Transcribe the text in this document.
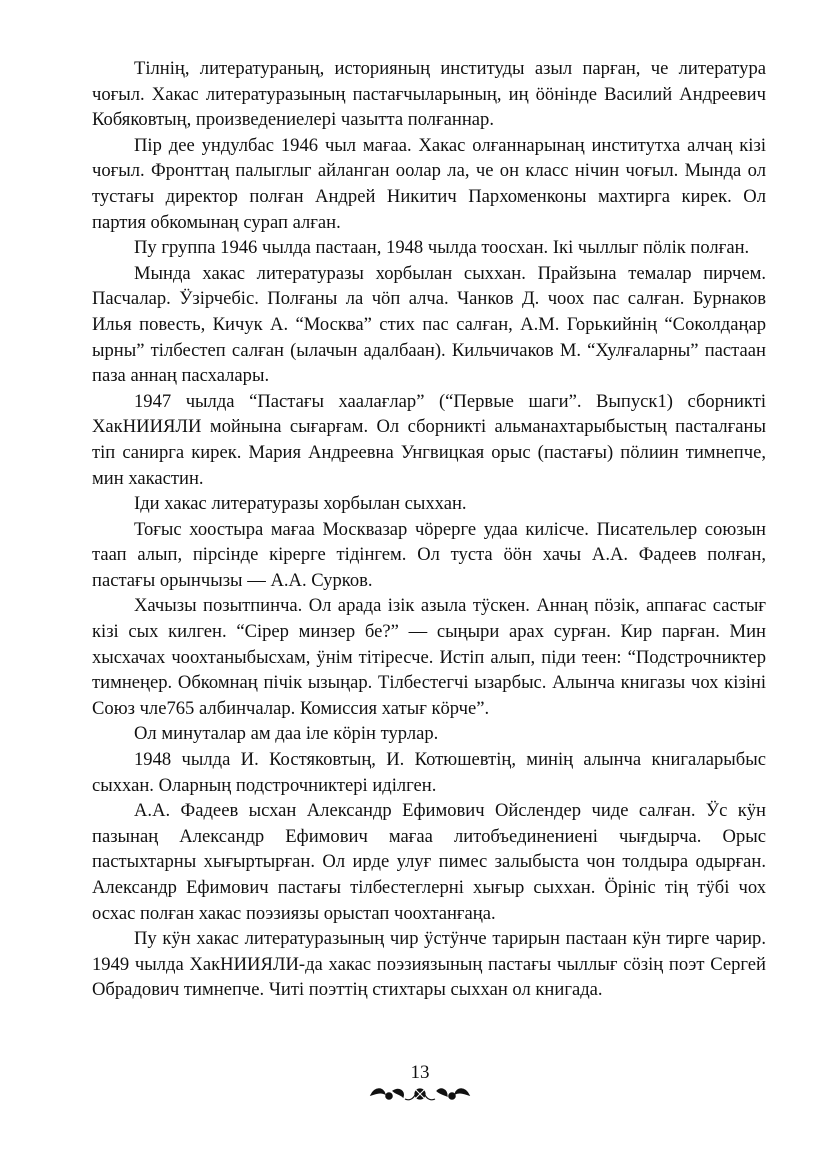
Тілнің, литератураның, историяның институды азыл парған, че литература чоғыл. Хакас литературазының пастағчыларының, иң ööнінде Василий Андреевич Кобяковтың, произведениелері чазытта полғаннар.

Пір дее ундулбас 1946 чыл мағаа. Хакас олғаннарынаң институтха алчаң кізі чоғыл. Фронттаң палыглыг айланган оолар ла, че он класс нічин чоғыл. Мында ол тустағы директор полған Андрей Никитич Пархоменконы махтирга кирек. Ол партия обкомынаң сурап алған.

Пу группа 1946 чылда пастаан, 1948 чылда тоосхан. Ікі чыллыг пöлік полған.

Мында хакас литературазы хорбылан сыххан. Прайзына темалар пирчем. Пасчалар. Ӱзірчебіс. Полғаны ла чöп алча. Чанков Д. чоох пас салған. Бурнаков Илья повесть, Кичук А. “Москва” стих пас салған, А.М. Горькийнің “Соколдаңар ырны” тілбестеп салған (ылачын адалбаан). Кильчичаков М. “Хулғаларны” пастаан паза аннаң пасхалары.

1947 чылда “Пастағы хаалағлар” (“Первые шаги”. Выпуск1) сборникті ХакНИИЯЛИ мойнына сығарғам. Ол сборникті альманахтарыбыстың пасталғаны тіп санирга кирек. Мария Андреевна Унгвицкая орыс (пастағы) пöлиин тимнепче, мин хакастин.

Іди хакас литературазы хорбылан сыххан.

Тоғыс хоостыра мағаа Москвазар чöрерге удаа килісче. Писательлер союзын таап алып, пірсінде кірерге тідінгем. Ол туста ööн хачы А.А. Фадеев полған, пастағы орынчызы — А.А. Сурков.

Хачызы позытпинча. Ол арада ізік азыла тÿскен. Аннаң пöзік, аппағас састығ кізі сых килген. “Сірер минзер бе?” — сыңыри арах сурған. Кир парған. Мин хысхачах чоохтаныбысхам, ӱнім тітіресче. Истіп алып, піди теен: “Подстрочниктер тимнеңер. Обкомнаң пічік ызыңар. Тілбестегчі ызарбыс. Алынча книгазы чох кізіні Союз чле765 албинчалар. Комиссия хатығ кöрче”.

Ол минуталар ам даа іле кöрін турлар.

1948 чылда И. Костяковтың, И. Котюшевтің, минің алынча книгаларыбыс сыххан. Оларның подстрочниктері иділген.

А.А. Фадеев ысхан Александр Ефимович Ойслендер чиде салған. Ӱс кӱн пазынаң Александр Ефимович мағаа литобъединениені чығдырча. Орыс пастыхтарны хығыртырған. Ол ирде улуғ пимес залыбыста чон толдыра одырған. Александр Ефимович пастағы тілбестеглерні хығыр сыххан. Öрініс тің тӱбі чох осхас полған хакас поэзиязы орыстап чоохтанғаңа.

Пу кӱн хакас литературазының чир ӱстӱнче тарирын пастаан кӱн тирге чарир. 1949 чылда ХакНИИЯЛИ-да хакас поэзиязының пастағы чыллығ сöзің поэт Сергей Обрадович тимнепче. Читі поэттің стихтары сыххан ол книгада.

13
